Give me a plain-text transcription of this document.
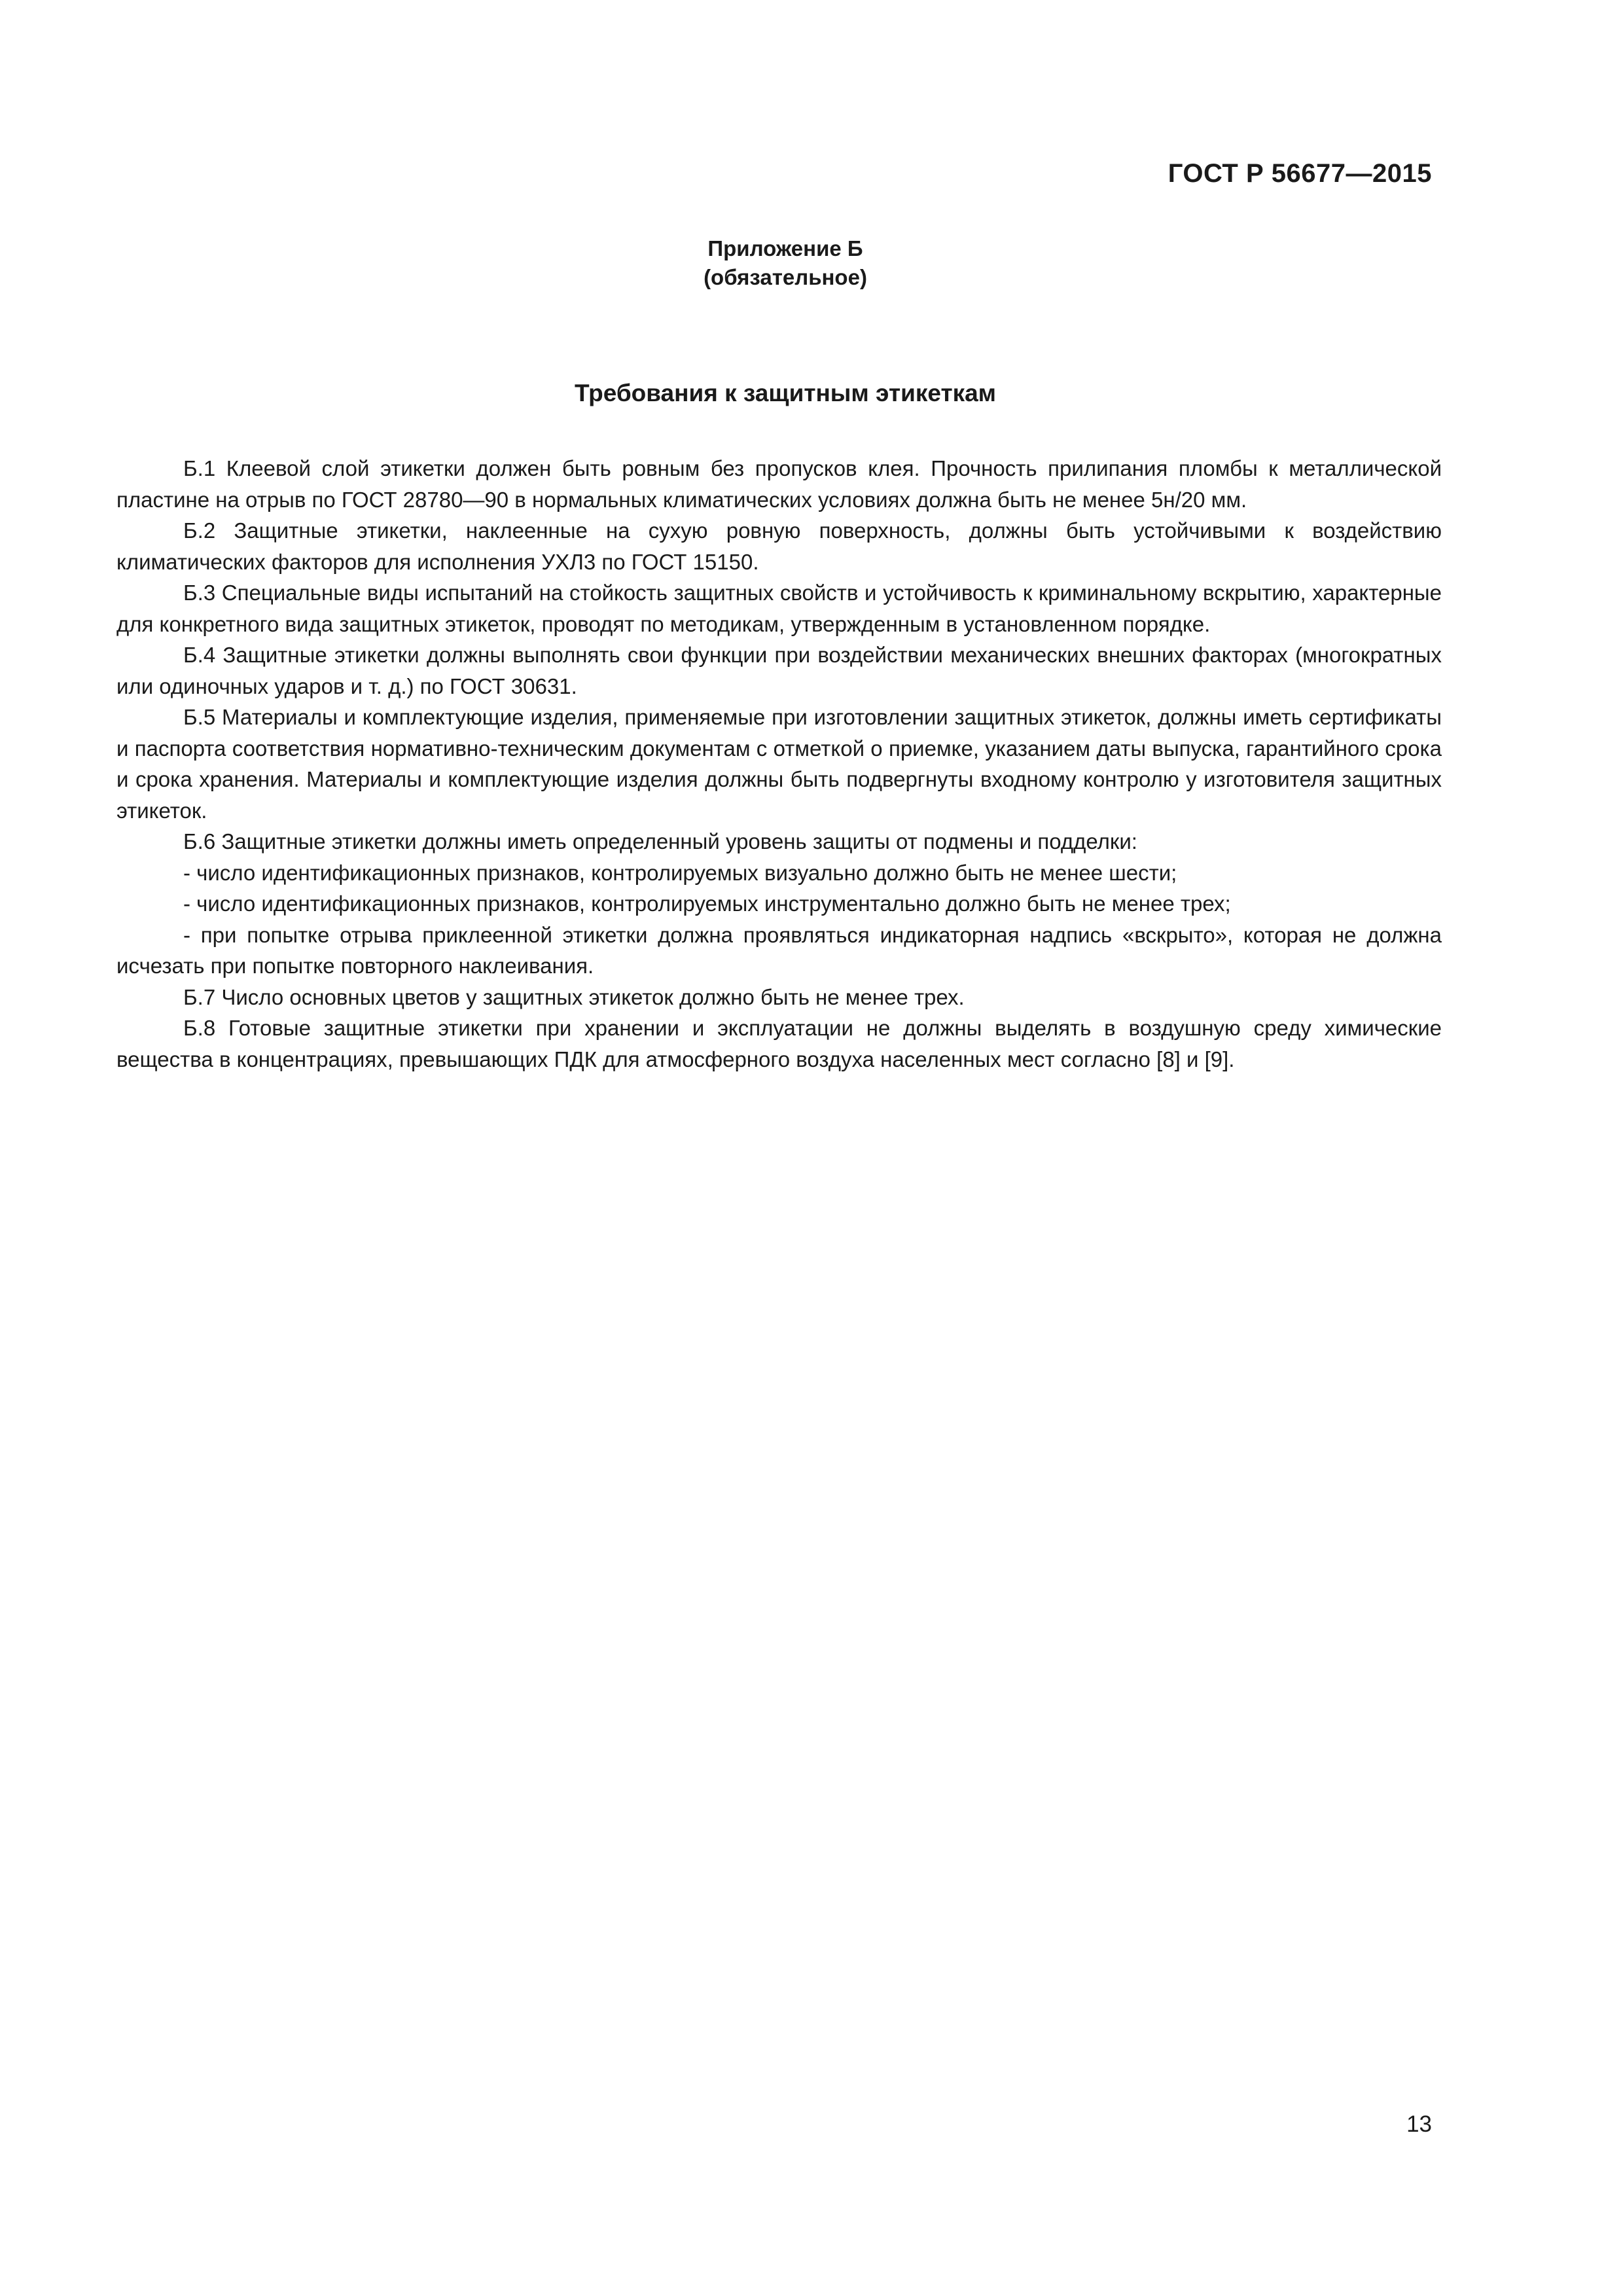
ГОСТ Р 56677—2015
Приложение Б
(обязательное)
Требования к защитным этикеткам

Б.1 Клеевой слой этикетки должен быть ровным без пропусков клея. Прочность прилипания пломбы к металлической пластине на отрыв по ГОСТ 28780—90 в нормальных климатических условиях должна быть не менее 5н/20 мм.

Б.2 Защитные этикетки, наклеенные на сухую ровную поверхность, должны быть устойчивыми к воздействию климатических факторов для исполнения УХЛ3 по ГОСТ 15150.

Б.3 Специальные виды испытаний на стойкость защитных свойств и устойчивость к криминальному вскрытию, характерные для конкретного вида защитных этикеток, проводят по методикам, утвержденным в установленном порядке.

Б.4 Защитные этикетки должны выполнять свои функции при воздействии механических внешних факторах (многократных или одиночных ударов и т. д.) по ГОСТ 30631.

Б.5 Материалы и комплектующие изделия, применяемые при изготовлении защитных этикеток, должны иметь сертификаты и паспорта соответствия нормативно-техническим документам с отметкой о приемке, указанием даты выпуска, гарантийного срока и срока хранения. Материалы и комплектующие изделия должны быть подвергнуты входному контролю у изготовителя защитных этикеток.

Б.6 Защитные этикетки должны иметь определенный уровень защиты от подмены и подделки:

- число идентификационных признаков, контролируемых визуально должно быть не менее шести;

- число идентификационных признаков, контролируемых инструментально должно быть не менее трех;

- при попытке отрыва приклеенной этикетки должна проявляться индикаторная надпись «вскрыто», которая не должна исчезать при попытке повторного наклеивания.

Б.7 Число основных цветов у защитных этикеток должно быть не менее трех.

Б.8 Готовые защитные этикетки при хранении и эксплуатации не должны выделять в воздушную среду химические вещества в концентрациях, превышающих ПДК для атмосферного воздуха населенных мест согласно [8] и [9].

13
